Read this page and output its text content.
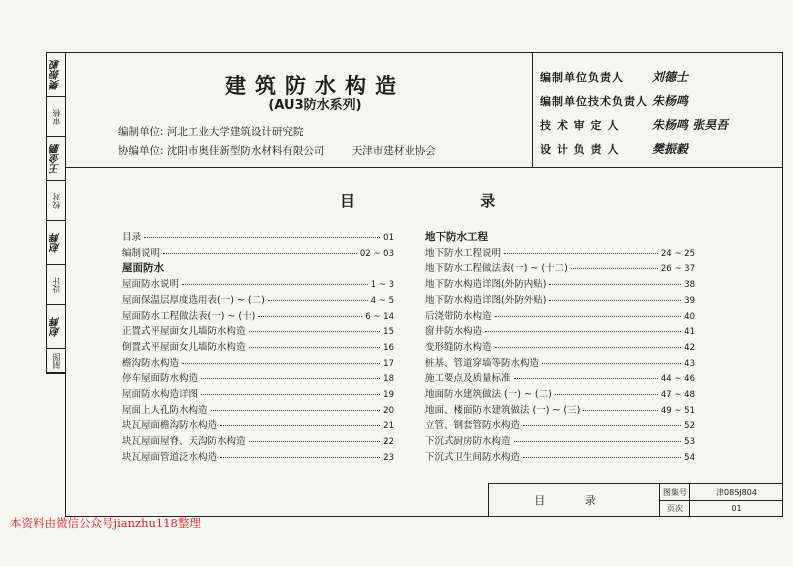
樊振毅
审核
王金鹏
校对
赵辉
设计
赵辉
制图
建筑防水构造
(AU3防水系列)
编制单位: 河北工业大学建筑设计研究院
协编单位: 沈阳市奥佳新型防水材料有限公司	天津市建材业协会
编制单位负责人 刘德士
编制单位技术负责人 朱杨鸣
技 术 审 定 人	朱杨鸣 张昊吾
设 计 负 责 人	樊振毅
目 录
目录	01
编制说明	02 ~ 03
屋面防水
屋面防水说明	1 ~ 3
屋面保温层厚度选用表(一) ~ (二)	4 ~ 5
屋面防水工程做法表(一) ~ (十)	6 ~ 14
正置式平屋面女儿墙防水构造	15
倒置式平屋面女儿墙防水构造	16
檐沟防水构造	17
停车屋面防水构造	18
屋面防水构造详图	19
屋面上人孔防水构造	20
块瓦屋面檐沟防水构造	21
块瓦屋面屋脊、天沟防水构造	22
块瓦屋面管道泛水构造	23
地下防水工程
地下防水工程说明	24 ~ 25
地下防水工程做法表(一) ~ (十二)	26 ~ 37
地下防水构造详图(外防内贴)	38
地下防水构造详图(外防外贴)	39
后浇带防水构造	40
窗井防水构造	41
变形缝防水构造	42
桩基、管道穿墙等防水构造	43
施工要点及质量标准	44 ~ 46
地面防水建筑做法 (一) ~ (二)	47 ~ 48
地面、楼面防水建筑做法 (一) ~ (三)	49 ~ 51
立管、钢套管防水构造	52
下沉式厨房防水构造	53
下沉式卫生间防水构造	54
目 录
图集号	津08SJ804
页次	01
本资料由微信公众号jianzhu118整理
